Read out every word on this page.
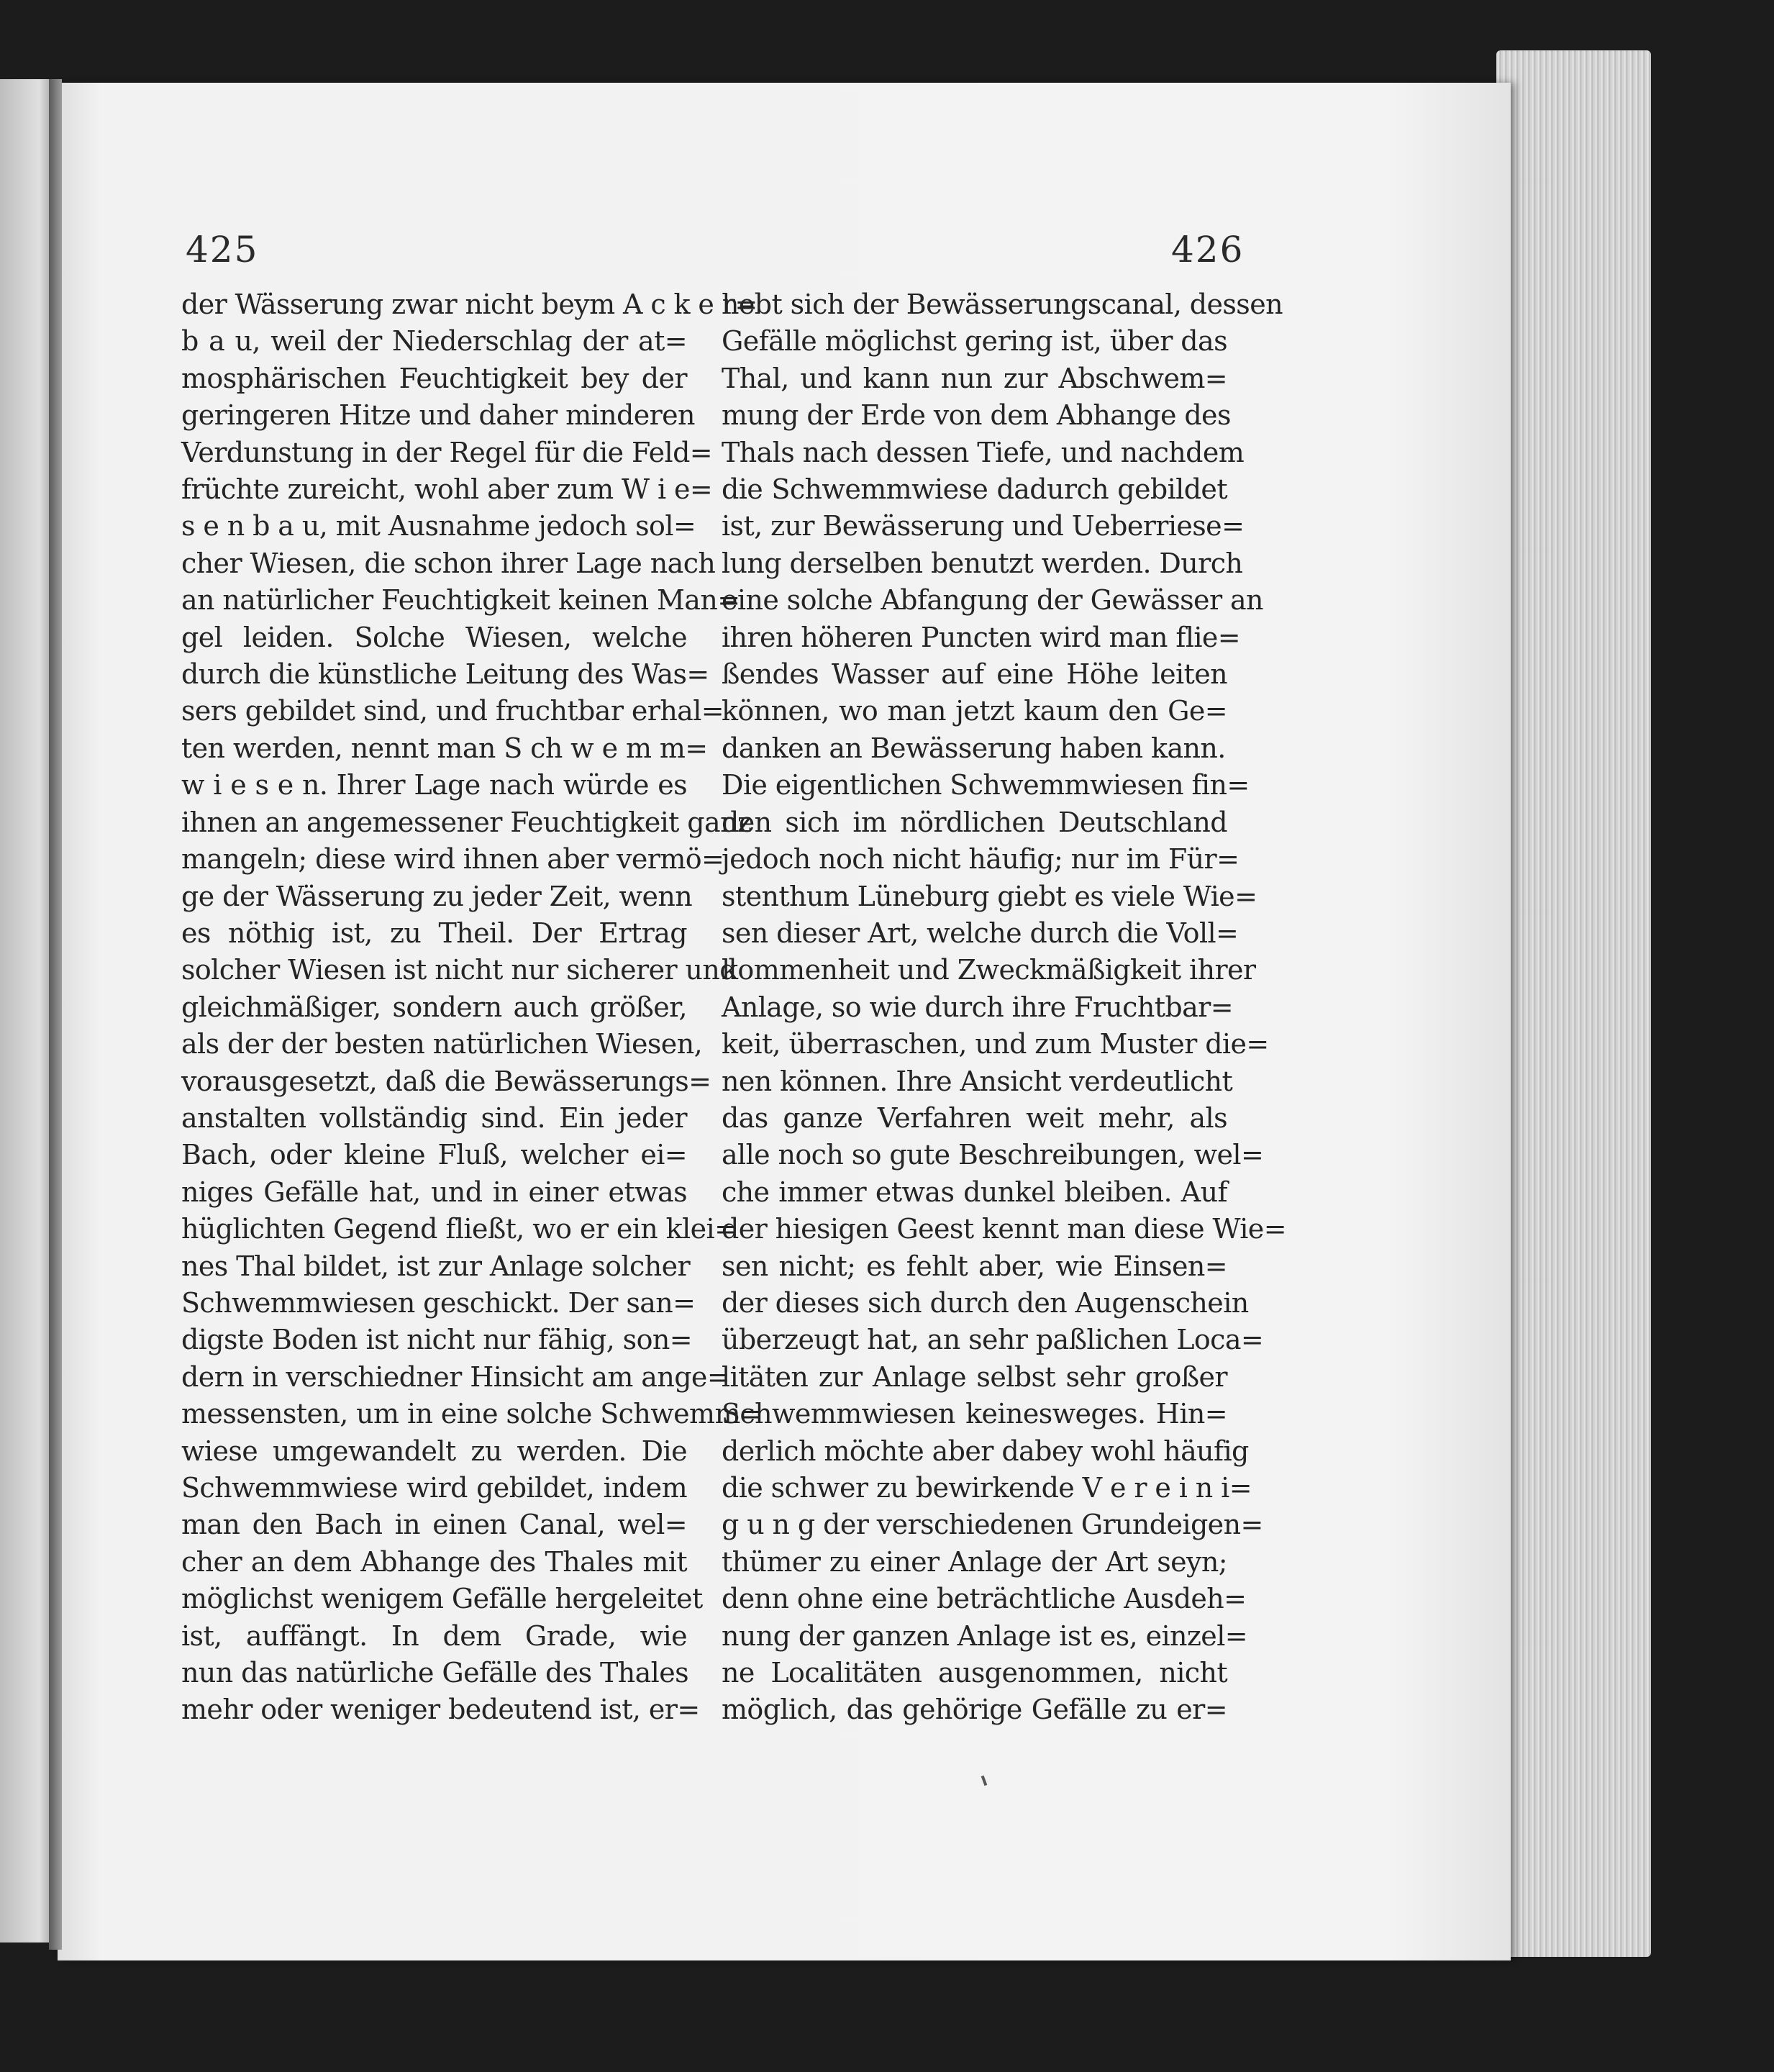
425	426
der Wässerung zwar nicht beym A c k e r=
b a u, weil der Niederschlag der at=
mosphärischen Feuchtigkeit bey der
geringeren Hitze und daher minderen
Verdunstung in der Regel für die Feld=
früchte zureicht, wohl aber zum W i e=
s e n b a u, mit Ausnahme jedoch sol=
cher Wiesen, die schon ihrer Lage nach
an natürlicher Feuchtigkeit keinen Man=
gel leiden. Solche Wiesen, welche
durch die künstliche Leitung des Was=
sers gebildet sind, und fruchtbar erhal=
ten werden, nennt man S ch w e m m=
w i e s e n. Ihrer Lage nach würde es
ihnen an angemessener Feuchtigkeit ganz
mangeln; diese wird ihnen aber vermö=
ge der Wässerung zu jeder Zeit, wenn
es nöthig ist, zu Theil. Der Ertrag
solcher Wiesen ist nicht nur sicherer und
gleichmäßiger, sondern auch größer,
als der der besten natürlichen Wiesen,
vorausgesetzt, daß die Bewässerungs=
anstalten vollständig sind. Ein jeder
Bach, oder kleine Fluß, welcher ei=
niges Gefälle hat, und in einer etwas
hüglichten Gegend fließt, wo er ein klei=
nes Thal bildet, ist zur Anlage solcher
Schwemmwiesen geschickt. Der san=
digste Boden ist nicht nur fähig, son=
dern in verschiedner Hinsicht am ange=
messensten, um in eine solche Schwemm=
wiese umgewandelt zu werden. Die
Schwemmwiese wird gebildet, indem
man den Bach in einen Canal, wel=
cher an dem Abhange des Thales mit
möglichst wenigem Gefälle hergeleitet
ist, auffängt. In dem Grade, wie
nun das natürliche Gefälle des Thales
mehr oder weniger bedeutend ist, er=
hebt sich der Bewässerungscanal, dessen
Gefälle möglichst gering ist, über das
Thal, und kann nun zur Abschwem=
mung der Erde von dem Abhange des
Thals nach dessen Tiefe, und nachdem
die Schwemmwiese dadurch gebildet
ist, zur Bewässerung und Ueberriese=
lung derselben benutzt werden. Durch
eine solche Abfangung der Gewässer an
ihren höheren Puncten wird man flie=
ßendes Wasser auf eine Höhe leiten
können, wo man jetzt kaum den Ge=
danken an Bewässerung haben kann.
Die eigentlichen Schwemmwiesen fin=
den sich im nördlichen Deutschland
jedoch noch nicht häufig; nur im Für=
stenthum Lüneburg giebt es viele Wie=
sen dieser Art, welche durch die Voll=
kommenheit und Zweckmäßigkeit ihrer
Anlage, so wie durch ihre Fruchtbar=
keit, überraschen, und zum Muster die=
nen können. Ihre Ansicht verdeutlicht
das ganze Verfahren weit mehr, als
alle noch so gute Beschreibungen, wel=
che immer etwas dunkel bleiben. Auf
der hiesigen Geest kennt man diese Wie=
sen nicht; es fehlt aber, wie Einsen=
der dieses sich durch den Augenschein
überzeugt hat, an sehr paßlichen Loca=
litäten zur Anlage selbst sehr großer
Schwemmwiesen keinesweges. Hin=
derlich möchte aber dabey wohl häufig
die schwer zu bewirkende V e r e i n i=
g u n g der verschiedenen Grundeigen=
thümer zu einer Anlage der Art seyn;
denn ohne eine beträchtliche Ausdeh=
nung der ganzen Anlage ist es, einzel=
ne Localitäten ausgenommen, nicht
möglich, das gehörige Gefälle zu er=
